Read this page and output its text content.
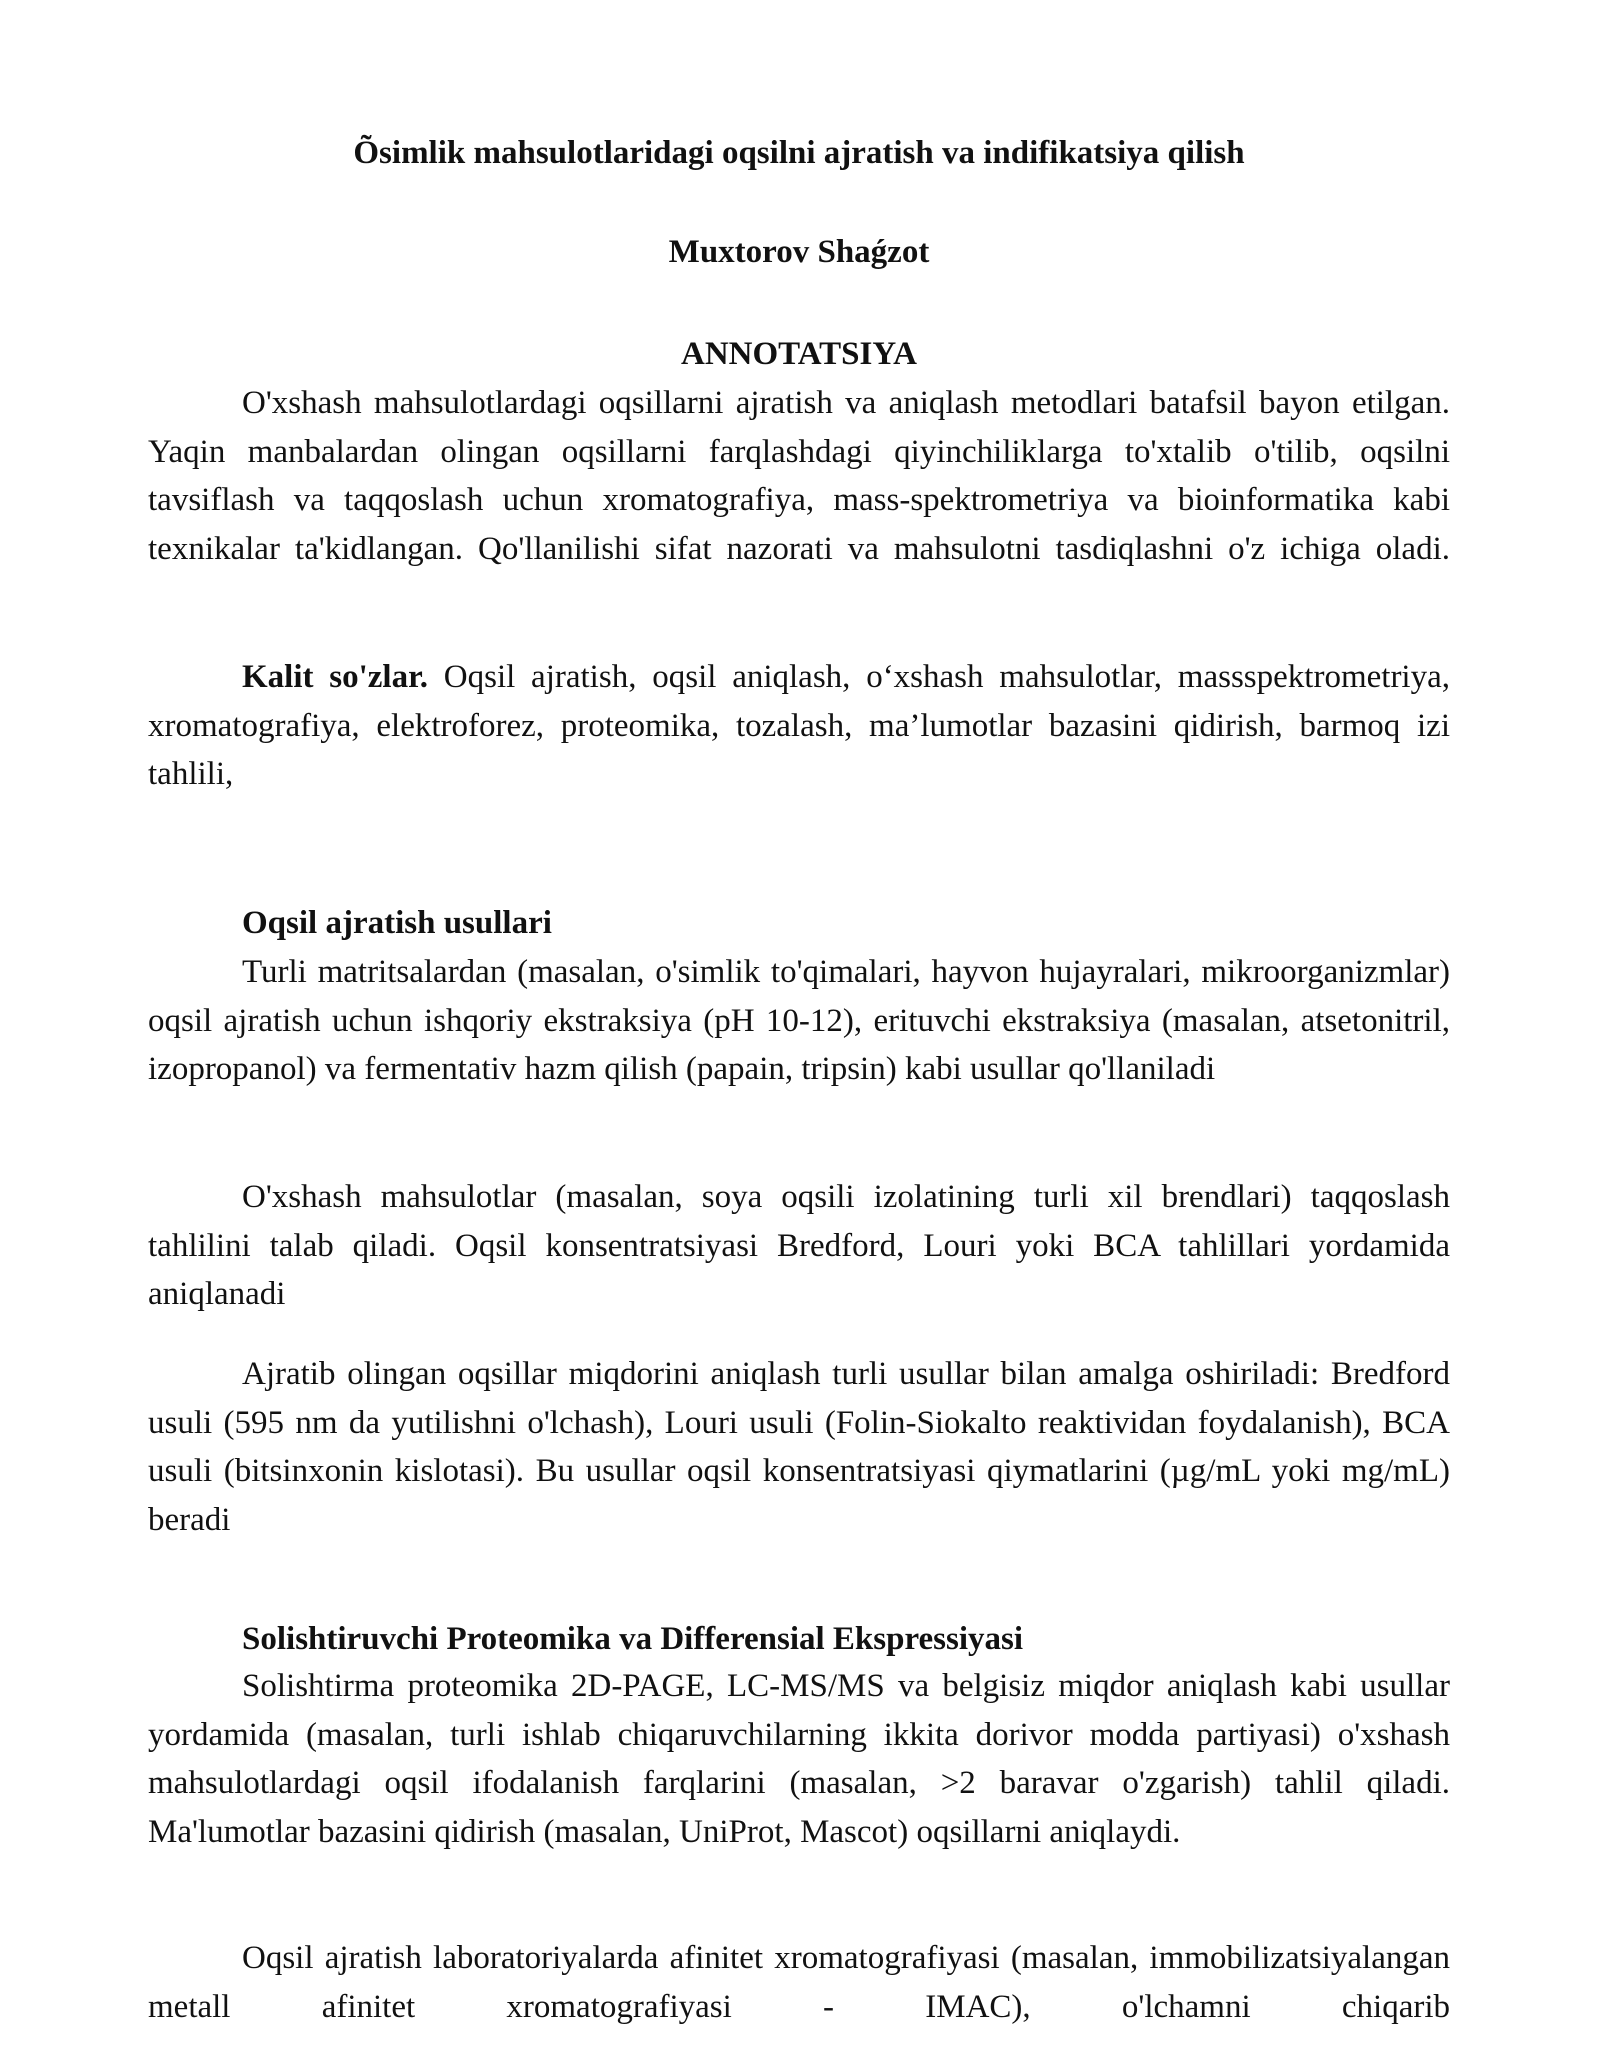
Õsimlik mahsulotlaridagi oqsilni ajratish va indifikatsiya qilish
Muxtorov Shaǵzot
ANNOTATSIYA

O'xshash mahsulotlardagi oqsillarni ajratish va aniqlash metodlari batafsil bayon etilgan. Yaqin manbalardan olingan oqsillarni farqlashdagi qiyinchiliklarga to'xtalib o'tilib, oqsilni tavsiflash va taqqoslash uchun xromatografiya, mass-spektrometriya va bioinformatika kabi texnikalar ta'kidlangan. Qo'llanilishi sifat nazorati va mahsulotni tasdiqlashni o'z ichiga oladi.

Kalit so'zlar. Oqsil ajratish, oqsil aniqlash, o‘xshash mahsulotlar, massspektrometriya, xromatografiya, elektroforez, proteomika, tozalash, ma’lumotlar bazasini qidirish, barmoq izi tahlili,

Oqsil ajratish usullari

Turli matritsalardan (masalan, o'simlik to'qimalari, hayvon hujayralari, mikroorganizmlar) oqsil ajratish uchun ishqoriy ekstraksiya (pH 10-12), erituvchi ekstraksiya (masalan, atsetonitril, izopropanol) va fermentativ hazm qilish (papain, tripsin) kabi usullar qo'llaniladi

O'xshash mahsulotlar (masalan, soya oqsili izolatining turli xil brendlari) taqqoslash tahlilini talab qiladi. Oqsil konsentratsiyasi Bredford, Louri yoki BCA tahlillari yordamida aniqlanadi

Ajratib olingan oqsillar miqdorini aniqlash turli usullar bilan amalga oshiriladi: Bredford usuli (595 nm da yutilishni o'lchash), Louri usuli (Folin-Siokalto reaktividan foydalanish), BCA usuli (bitsinxonin kislotasi). Bu usullar oqsil konsentratsiyasi qiymatlarini (µg/mL yoki mg/mL) beradi

Solishtiruvchi Proteomika va Differensial Ekspressiyasi

Solishtirma proteomika 2D-PAGE, LC-MS/MS va belgisiz miqdor aniqlash kabi usullar yordamida (masalan, turli ishlab chiqaruvchilarning ikkita dorivor modda partiyasi) o'xshash mahsulotlardagi oqsil ifodalanish farqlarini (masalan, >2 baravar o'zgarish) tahlil qiladi. Ma'lumotlar bazasini qidirish (masalan, UniProt, Mascot) oqsillarni aniqlaydi.

Oqsil ajratish laboratoriyalarda afinitet xromatografiyasi (masalan, immobilizatsiyalangan metall afinitet xromatografiyasi - IMAC), o'lchamni chiqarib
